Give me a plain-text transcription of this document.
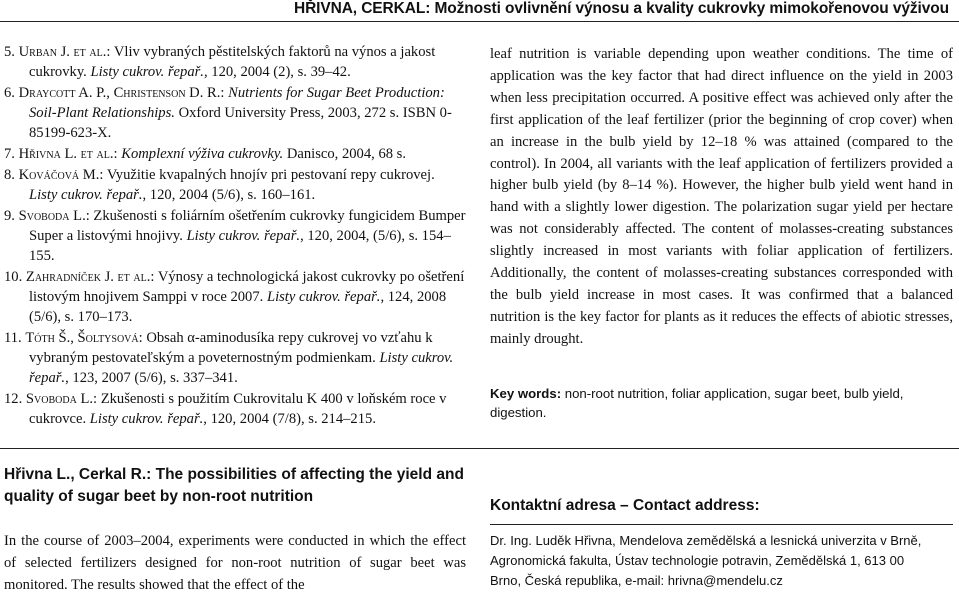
HŘIVNA, CERKAL: Možnosti ovlivnění výnosu a kvality cukrovky mimokořenovou výživou
5. Urban J. et al.: Vliv vybraných pěstitelských faktorů na výnos a jakost cukrovky. Listy cukrov. řepař., 120, 2004 (2), s. 39–42.
6. Draycott A. P., Christenson D. R.: Nutrients for Sugar Beet Production: Soil-Plant Relationships. Oxford University Press, 2003, 272 s. ISBN 0-85199-623-X.
7. Hřivna L. et al.: Komplexní výživa cukrovky. Danisco, 2004, 68 s.
8. Kováčová M.: Využitie kvapalných hnojív pri pestovaní repy cukrovej. Listy cukrov. řepař., 120, 2004 (5/6), s. 160–161.
9. Svoboda L.: Zkušenosti s foliárním ošetřením cukrovky fungicidem Bumper Super a listovými hnojivy. Listy cukrov. řepař., 120, 2004, (5/6), s. 154–155.
10. Zahradníček J. et al.: Výnosy a technologická jakost cukrovky po ošetření listovým hnojivem Samppi v roce 2007. Listy cukrov. řepař., 124, 2008 (5/6), s. 170–173.
11. Tóth Š., Šoltysová: Obsah α-aminodusíka repy cukrovej vo vzťahu k vybraným pestovateľským a poveternostným podmienkam. Listy cukrov. řepař., 123, 2007 (5/6), s. 337–341.
12. Svoboda L.: Zkušenosti s použitím Cukrovitalu K 400 v loňském roce v cukrovce. Listy cukrov. řepař., 120, 2004 (7/8), s. 214–215.
leaf nutrition is variable depending upon weather conditions. The time of application was the key factor that had direct influence on the yield in 2003 when less precipitation occurred. A positive effect was achieved only after the first application of the leaf fertilizer (prior the beginning of crop cover) when an increase in the bulb yield by 12–18 % was attained (compared to the control). In 2004, all variants with the leaf application of fertilizers provided a higher bulb yield (by 8–14 %). However, the higher bulb yield went hand in hand with a slightly lower digestion. The polarization sugar yield per hectare was not considerably affected. The content of molasses-creating substances slightly increased in most variants with foliar application of fertilizers. Additionally, the content of molasses-creating substances corresponded with the bulb yield increase in most cases. It was confirmed that a balanced nutrition is the key factor for plants as it reduces the effects of abiotic stresses, mainly drought.
Key words: non-root nutrition, foliar application, sugar beet, bulb yield, digestion.
Hřivna L., Cerkal R.: The possibilities of affecting the yield and quality of sugar beet by non-root nutrition
In the course of 2003–2004, experiments were conducted in which the effect of selected fertilizers designed for non-root nutrition of sugar beet was monitored. The results showed that the effect of the
Kontaktní adresa – Contact address:
Dr. Ing. Luděk Hřivna, Mendelova zemědělská a lesnická univerzita v Brně,
Agronomická fakulta, Ústav technologie potravin, Zemědělská 1, 613 00
Brno, Česká republika, e-mail: hrivna@mendelu.cz
